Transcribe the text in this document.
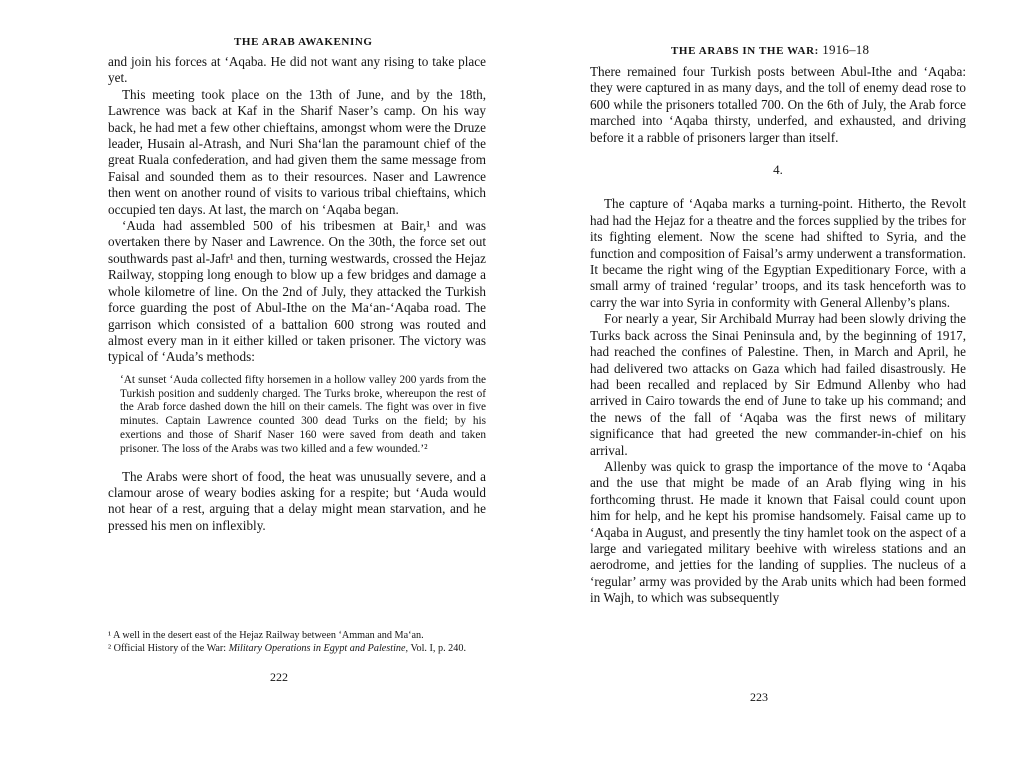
THE ARAB AWAKENING

and join his forces at ‘Aqaba. He did not want any rising to take place yet.

This meeting took place on the 13th of June, and by the 18th, Lawrence was back at Kaf in the Sharif Naser’s camp. On his way back, he had met a few other chieftains, amongst whom were the Druze leader, Husain al-Atrash, and Nuri Sha‘lan the paramount chief of the great Ruala confederation, and had given them the same message from Faisal and sounded them as to their resources. Naser and Lawrence then went on another round of visits to various tribal chieftains, which occupied ten days. At last, the march on ‘Aqaba began.

‘Auda had assembled 500 of his tribesmen at Bair,¹ and was overtaken there by Naser and Lawrence. On the 30th, the force set out southwards past al-Jafr¹ and then, turning westwards, crossed the Hejaz Railway, stopping long enough to blow up a few bridges and damage a whole kilometre of line. On the 2nd of July, they attacked the Turkish force guarding the post of Abul-Ithe on the Ma‘an-‘Aqaba road. The garrison which consisted of a battalion 600 strong was routed and almost every man in it either killed or taken prisoner. The victory was typical of ‘Auda’s methods:

‘At sunset ‘Auda collected fifty horsemen in a hollow valley 200 yards from the Turkish position and suddenly charged. The Turks broke, whereupon the rest of the Arab force dashed down the hill on their camels. The fight was over in five minutes. Captain Lawrence counted 300 dead Turks on the field; by his exertions and those of Sharif Naser 160 were saved from death and taken prisoner. The loss of the Arabs was two killed and a few wounded.’²

The Arabs were short of food, the heat was unusually severe, and a clamour arose of weary bodies asking for a respite; but ‘Auda would not hear of a rest, arguing that a delay might mean starvation, and he pressed his men on inflexibly.

¹ A well in the desert east of the Hejaz Railway between ‘Amman and Ma‘an.

² Official History of the War: Military Operations in Egypt and Palestine, Vol. I, p. 240.

222
THE ARABS IN THE WAR: 1916–18

There remained four Turkish posts between Abul-Ithe and ‘Aqaba: they were captured in as many days, and the toll of enemy dead rose to 600 while the prisoners totalled 700. On the 6th of July, the Arab force marched into ‘Aqaba thirsty, underfed, and exhausted, and driving before it a rabble of prisoners larger than itself.

4.

The capture of ‘Aqaba marks a turning-point. Hitherto, the Revolt had had the Hejaz for a theatre and the forces supplied by the tribes for its fighting element. Now the scene had shifted to Syria, and the function and composition of Faisal’s army underwent a transformation. It became the right wing of the Egyptian Expeditionary Force, with a small army of trained ‘regular’ troops, and its task henceforth was to carry the war into Syria in conformity with General Allenby’s plans.

For nearly a year, Sir Archibald Murray had been slowly driving the Turks back across the Sinai Peninsula and, by the beginning of 1917, had reached the confines of Palestine. Then, in March and April, he had delivered two attacks on Gaza which had failed disastrously. He had been recalled and replaced by Sir Edmund Allenby who had arrived in Cairo towards the end of June to take up his command; and the news of the fall of ‘Aqaba was the first news of military significance that had greeted the new commander-in-chief on his arrival.

Allenby was quick to grasp the importance of the move to ‘Aqaba and the use that might be made of an Arab flying wing in his forthcoming thrust. He made it known that Faisal could count upon him for help, and he kept his promise handsomely. Faisal came up to ‘Aqaba in August, and presently the tiny hamlet took on the aspect of a large and variegated military beehive with wireless stations and an aerodrome, and jetties for the landing of supplies. The nucleus of a ‘regular’ army was provided by the Arab units which had been formed in Wajh, to which was subsequently

223
